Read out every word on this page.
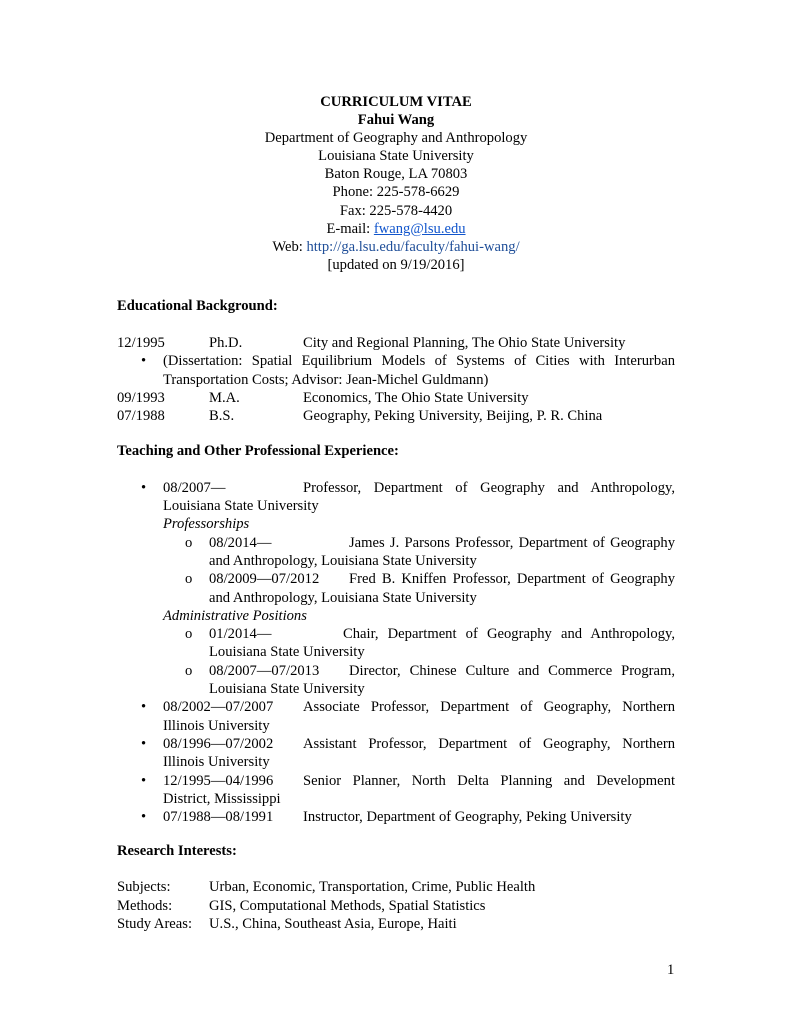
CURRICULUM VITAE
Fahui Wang
Department of Geography and Anthropology
Louisiana State University
Baton Rouge, LA 70803
Phone: 225-578-6629
Fax: 225-578-4420
E-mail: fwang@lsu.edu
Web: http://ga.lsu.edu/faculty/fahui-wang/
[updated on 9/19/2016]
Educational Background:
12/1995	Ph.D.	City and Regional Planning, The Ohio State University
• (Dissertation: Spatial Equilibrium Models of Systems of Cities with Interurban Transportation Costs; Advisor: Jean-Michel Guldmann)
09/1993	M.A.	Economics, The Ohio State University
07/1988	B.S.	Geography, Peking University, Beijing, P. R. China
Teaching and Other Professional Experience:
• 08/2007—	Professor, Department of Geography and Anthropology, Louisiana State University
Professorships
o 08/2014—	James J. Parsons Professor, Department of Geography and Anthropology, Louisiana State University
o 08/2009—07/2012 Fred B. Kniffen Professor, Department of Geography and Anthropology, Louisiana State University
Administrative Positions
o 01/2014—	Chair, Department of Geography and Anthropology, Louisiana State University
o 08/2007—07/2013 Director, Chinese Culture and Commerce Program, Louisiana State University
• 08/2002—07/2007 Associate Professor, Department of Geography, Northern Illinois University
• 08/1996—07/2002 Assistant Professor, Department of Geography, Northern Illinois University
• 12/1995—04/1996 Senior Planner, North Delta Planning and Development District, Mississippi
• 07/1988—08/1991 Instructor, Department of Geography, Peking University
Research Interests:
Subjects:	Urban, Economic, Transportation, Crime, Public Health
Methods:	GIS, Computational Methods, Spatial Statistics
Study Areas:	U.S., China, Southeast Asia, Europe, Haiti
1
